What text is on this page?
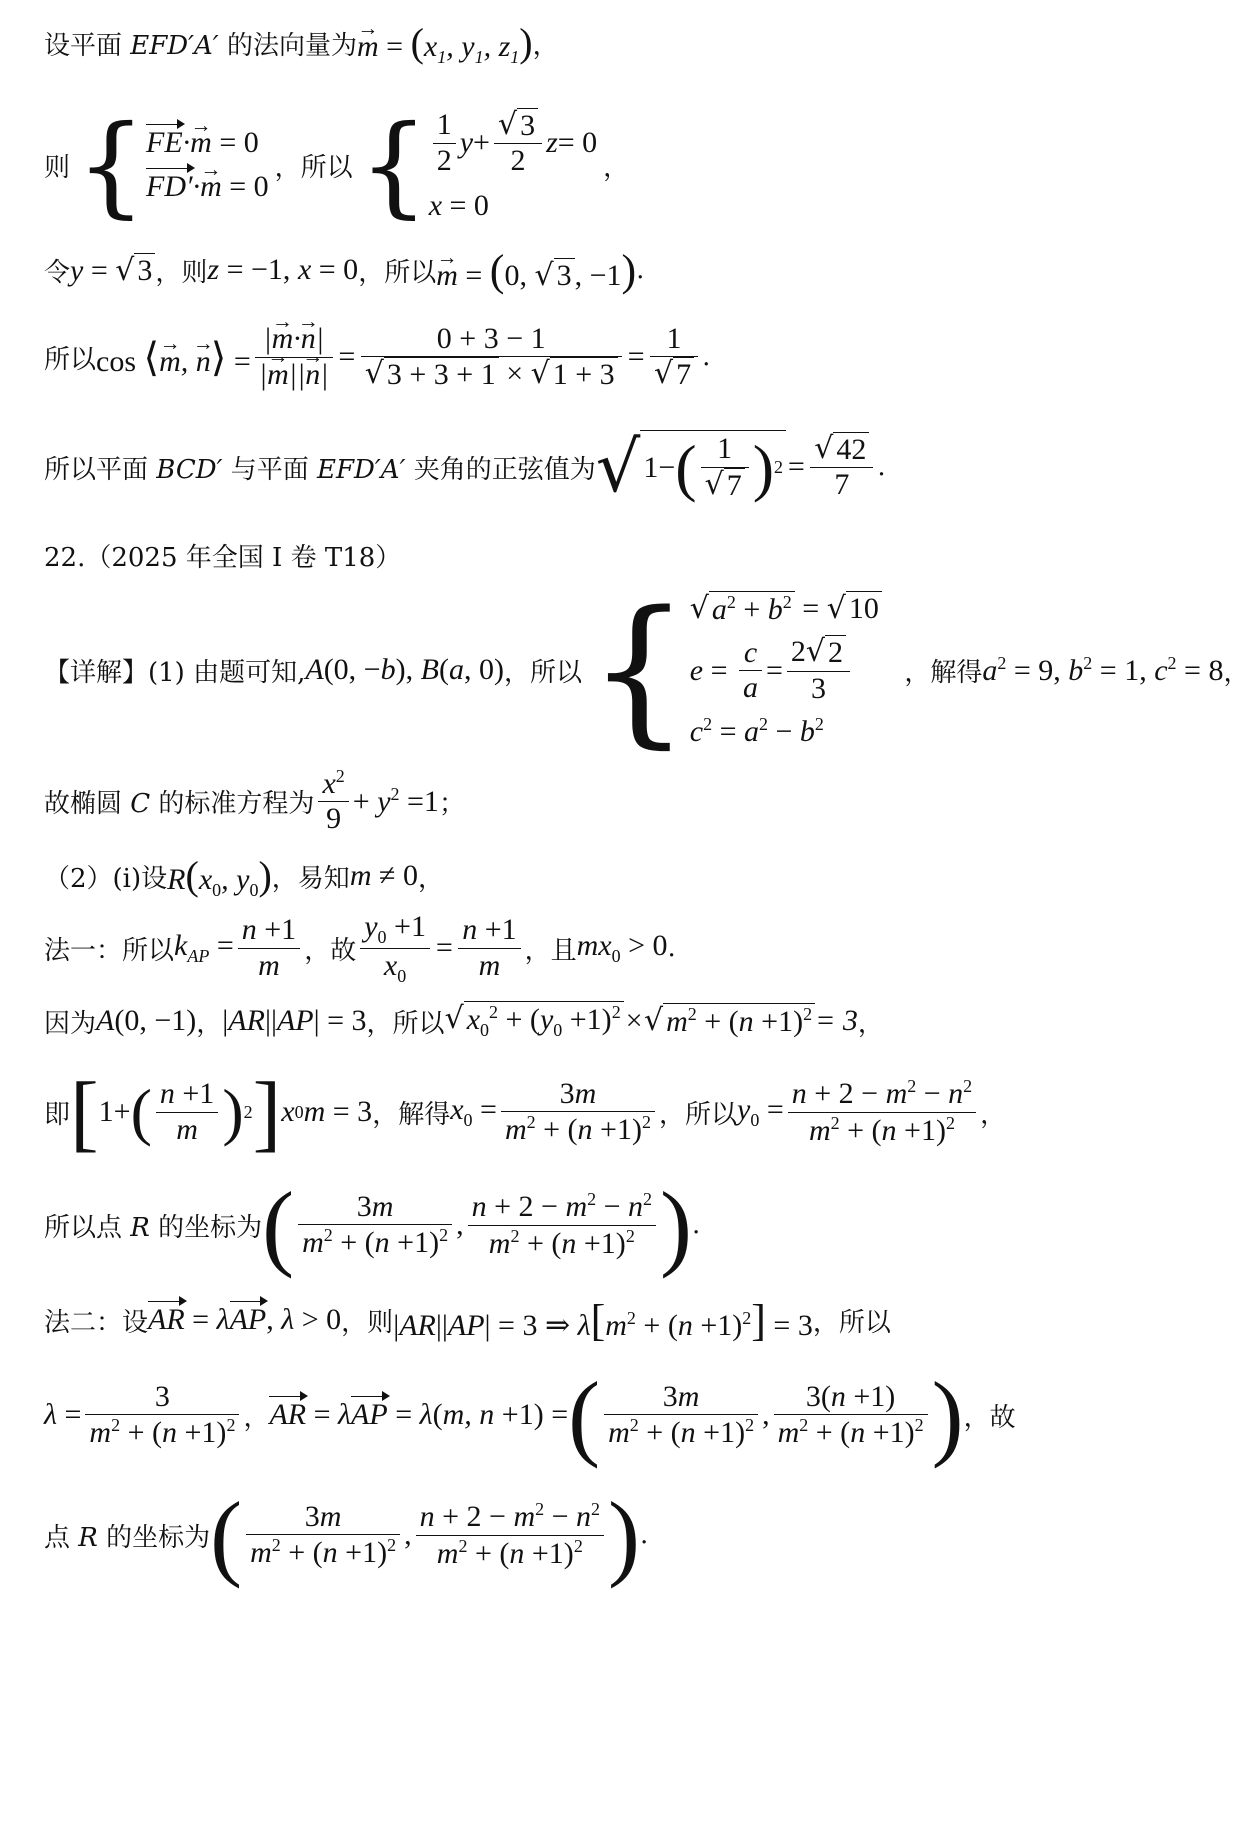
设平面 EFD′A′ 的法向量为 → $m = (x_1$, $y_1$, $z_1$) ，
则 { FE·→ m = 0
FD′·→ m = 0
，所以 { $\frac{1}{2}$ $y + \frac{√ 3}{2}$ z = 0
x = 0
，
令 y = √ 3 ，则 z = −1, x = 0 ，所以 → m = (0, √ 3 , −1) .
所以 cos ⟨→ m, → n⟩ = $\frac{|\to m\cdot\to n|}{|\to m||\to n|} = \frac{0 + 3 - 1}{√ 3 + 3 + 1 \times √ 1 + 3} = \frac{1}{√ 7}$ .
所以平面 BCD′ 与平面 EFD′A′ 夹角的正弦值为 √ 1− ( $\frac{1}{√ 7}$ ) $2 = \frac{√ 42}{7}$ .
22.（2025 年全国 I 卷 T18）
【详解】(1) 由题可知, A(0, −b), B(a, 0) ，所以 { √ $a^2 + b^2$ = √ 10
$e = \frac{c}{a} = \frac{2 √ 2}{3}$
$c^2 = a^2 - b^2$
，解得 $a^2 = 9$, $b^2 = 1$, $c^2 = 8$ ，
故椭圆 C 的标准方程为 $\frac{x^2}{9} + y^2 =1$ ；
（2）(i)设 $R(x_0$, $y_0$) ，易知 m ≠ 0 ，
法一：所以 $k_{AP} = \frac{n +1}{m}$ ，故 $\frac{y_0 +1}{x_0} = \frac{n +1}{m}$ ，且 $mx_0 > 0$ .
因为 A(0, −1) ， |AR||AP| = 3 ，所以 √ $x_0^2 + (y_0 +1)^2$ × √ $m^2 + (n +1)^2 = 3$ ，
即 [ 1+ ( $\frac{n +1}{m}$ ) 2 ] x 0 m = 3 ，解得 $x_0 = \frac{3m}{m^2 + (n +1)^2}$ ，所以 $y_0 = \frac{n + 2 - m^2 - n^2}{m^2 + (n +1)^2}$ ，
所以点 R 的坐标为 ( $\frac{3m}{m^2 + (n +1)^2}$ , $\frac{n + 2 - m^2 - n^2}{m^2 + (n +1)^2}$ ) .
法二：设 AR = λAP, λ > 0 ，则 |AR||AP| = 3 ⇒ $\lambda[m^2 + (n +1)^2] = 3$ ，所以
$\lambda = \frac{3}{m^2 + (n +1)^2}$ ， AR = λAP = λ(m, n +1) = ( $\frac{3m}{m^2 + (n +1)^2}$ , $\frac{3(n +1)}{m^2 + (n +1)^2}$ ) ，故
点 R 的坐标为 ( $\frac{3m}{m^2 + (n +1)^2}$ , $\frac{n + 2 - m^2 - n^2}{m^2 + (n +1)^2}$ ) .
